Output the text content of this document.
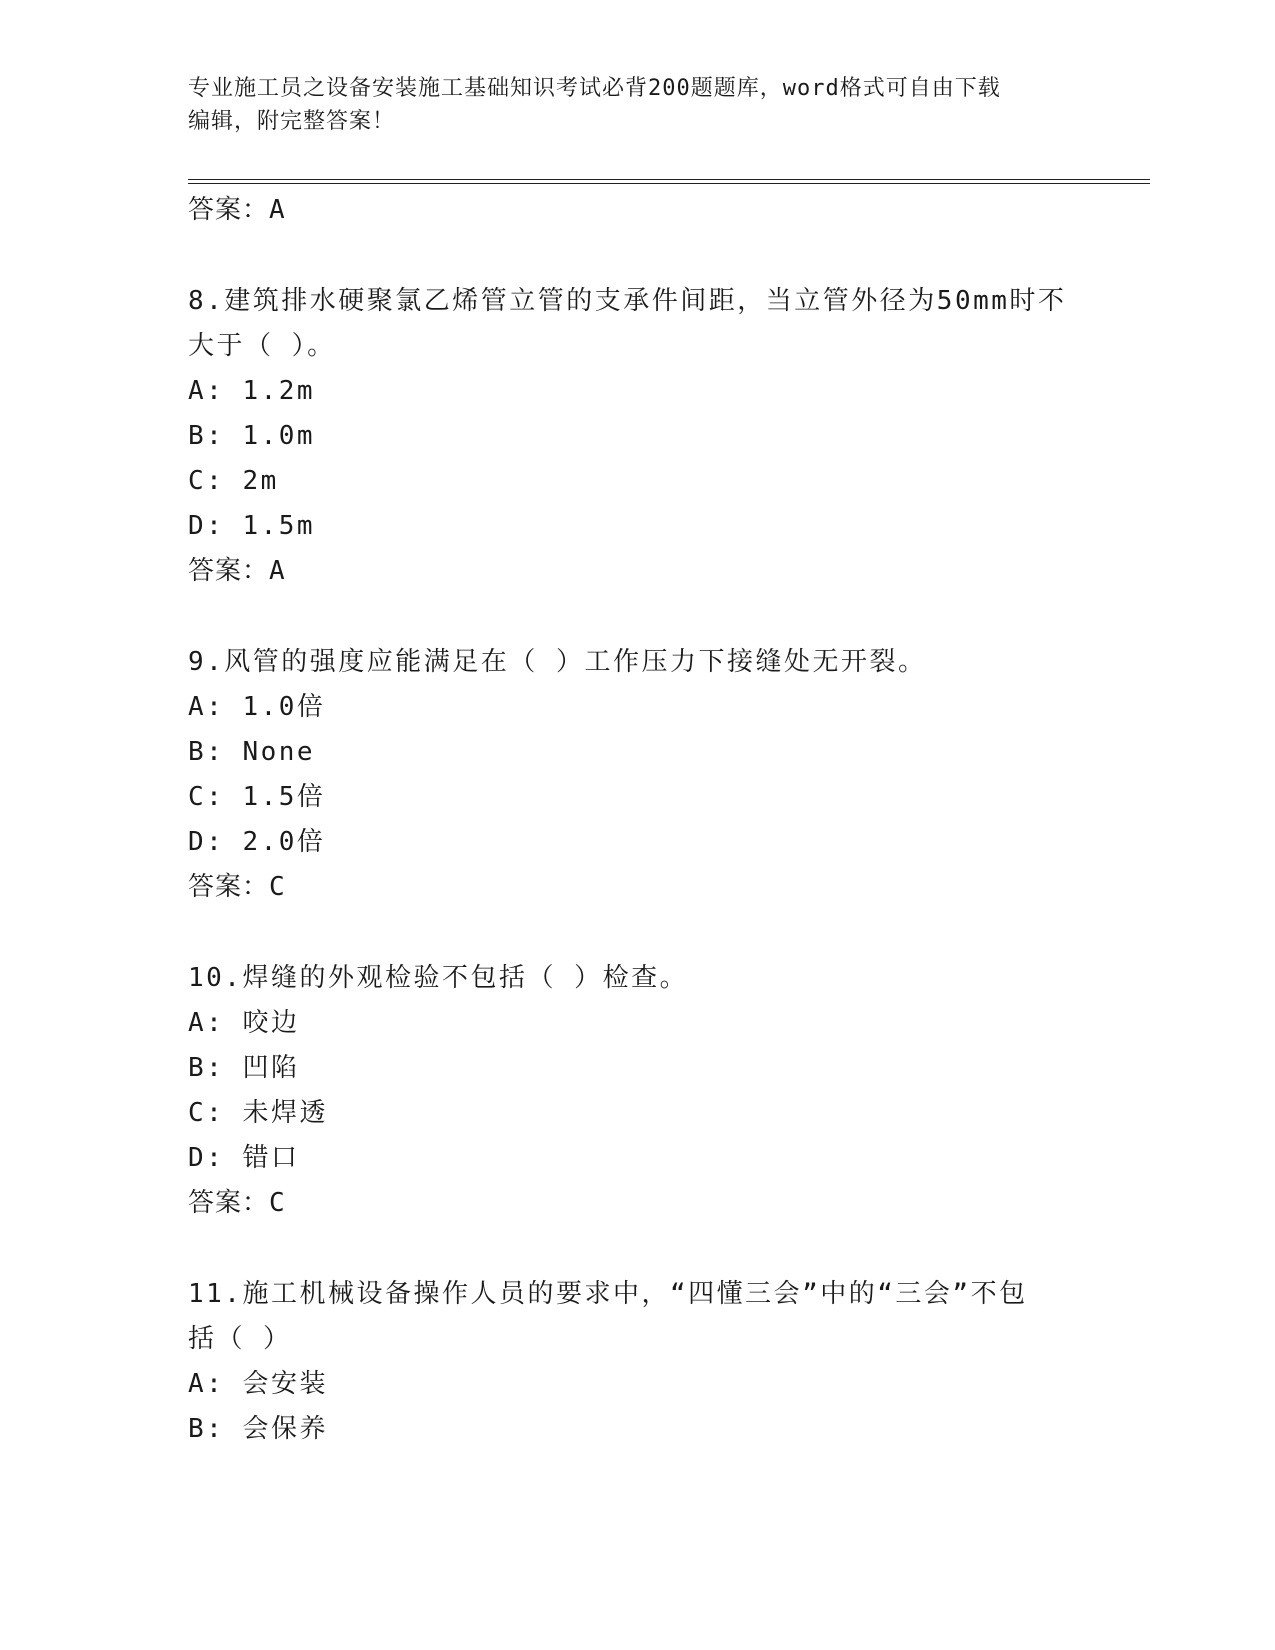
专业施工员之设备安装施工基础知识考试必背200题题库，word格式可自由下载
编辑，附完整答案！
答案：A
8.建筑排水硬聚氯乙烯管立管的支承件间距，当立管外径为50mm时不
大于（ ）。
A: 1.2m
B: 1.0m
C: 2m
D: 1.5m
答案：A
9.风管的强度应能满足在（ ）工作压力下接缝处无开裂。
A: 1.0倍
B: None
C: 1.5倍
D: 2.0倍
答案：C
10.焊缝的外观检验不包括（ ）检查。
A: 咬边
B: 凹陷
C: 未焊透
D: 错口
答案：C
11.施工机械设备操作人员的要求中，“四懂三会”中的“三会”不包
括（ ）
A: 会安装
B: 会保养
